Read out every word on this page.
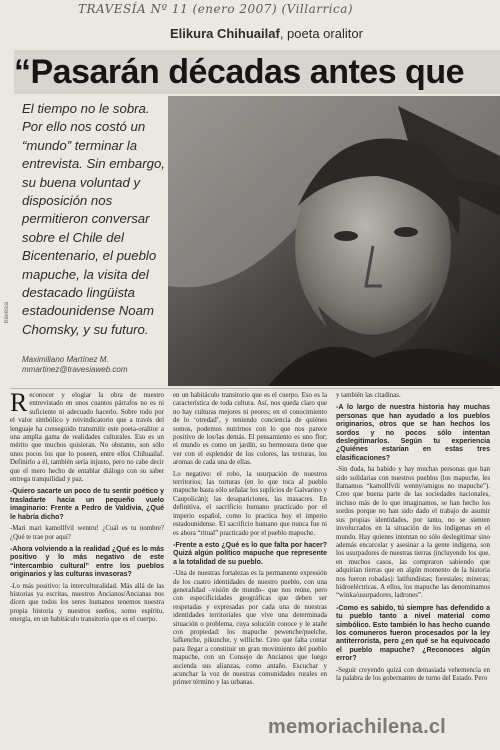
TRAVESÍA Nº 11 (enero 2007) (Villarrica)
Elikura Chihuailaf, poeta oralitor
“Pasarán décadas antes que
El tiempo no le sobra. Por ello nos costó un “mundo” terminar la entrevista. Sin embargo, su buena voluntad y disposición nos permitieron conversar sobre el Chile del Bicentenario, el pueblo mapuche, la visita del destacado lingüista estadounidense Noam Chomsky, y su futuro.
Maximiliano Martínez M.
mmartinez@travesiaweb.com
travesía

Reconocer y elogiar la obra de nuestro entrevistado en unos cuantos párrafos no es ni suficiente ni adecuado hacerlo. Sobre todo por el valor simbólico y reivindicatorio que a través del lenguaje ha conseguido transmitir este poeta-oralitor a una amplia gama de realidades culturales. Eso es un mérito que muchos quisieran. No obstante, son sólo unos pocos los que lo poseen, entre ellos Chihuailaf. Definirlo a él, también sería injusto, pero no cabe decir que el mero hecho de entablar diálogo con su saber entrega tranquilidad y paz.

-Quiero sacarte un poco de tu sentir poético y trasladarte hacia un pequeño vuelo imaginario: Frente a Pedro de Valdivia, ¿Qué le habría dicho?

-Mari mari kamollfvil wentru! ¿Cuál es tu nombre? ¿Qué te trae por aquí?

-Ahora volviendo a la realidad ¿Qué es lo más positivo y lo más negativo de este “intercambio cultural” entre los pueblos originarios y las culturas invasoras?

-Lo más positivo: la interculturalidad. Más allá de las historias ya escritas, nuestros Ancianos/Ancianas nos dicen que todos los seres humanos tenemos nuestra propia historia y nuestros sueños, somo espíritu, energía, en un habitáculo transitorio que es el cuerpo.

en un habitáculo transitorio que es el cuerpo. Eso es la característica de toda cultura. Así, nos queda claro que no hay culturas mejores ni peores; en el conocimiento de lo ‘otredad’, y teniendo conciencia de quiénes somos, podemos nutrirnos con lo que nos parece positivo de los/las demás. El pensamiento es uno flor; el mundo es como un jardín, su hermosura tiene que ver con el esplendor de los colores, las texturas, los aromas de cada una de ellas.

Lo negativo: el robo, la usurpación de nuestros territorios; las torturas (en lo que toca al pueblo mapuche basta sólo señalar los suplicios de Galvarino y Caupolicán); las desapariciones, las masacres. En definitiva, el sacrificio humano practicado por el imperio español, como lo practica hoy el imperio estadounidense. El sacrificio humano que nunca fue ni es ahora “ritual” practicado por el pueblo mapuche.

-Frente a esto ¿Qué es lo que falta por hacer? Quizá algún político mapuche que represente a la totalidad de su pueblo.

-Una de nuestras fortalezas es la permanente expresión de los cuatro identidades de nuestro pueblo, con una generalidad –visión de mundo– que nos reúne, pero con especificidades geográficas que deben ser respetadas y expresadas por cada una de nuestras identidades territoriales que vive una determinada situación o problema, cuya solución conoce y le atañe con propiedad: los mapuche pewenche/puelche, lafkenche, pikunche, y williche. Creo que falta contar para llegar a constituir un gran movimiento del pueblo mapuche, con un Consejo de Ancianos que luego ascienda sus alianzas, como antaño. Escuchar y acunchar la voz de nuestras comunidades rurales en primer término y las urbanas.

y también las citadinas.

-A lo largo de nuestra historia hay muchas personas que han ayudado a los pueblos originarios, otros que se han hechos los sordos y no pocos sólo intentan deslegitimarlos. Según tu experiencia ¿Quiénes estarían en estas tres clasificaciones?

-Sin duda, ha habido y hay muchas personas que han sido solidarias con nuestros pueblos (los mapuche, les llamamos “kamollfvili wenny/amigos no mapuche”). Creo que buena parte de las sociedades nacionales, incluso más de lo que imaginamos, se han hecho los sordos porque no han sido dado el trabajo de asumir sus propias identidades, por tanto, no se sienten involucrados en la situación de los indígenas en el mundo. Hay quienes intentan no sólo deslegitimar sino además encarcelar y asesinar a la gente indígena, son los usurpadores de nuestras tierras (incluyendo los que, en muchos casos, las compraron sabiendo que adquirían tierras que en algún momento de la historia nos fueron robadas): latifundistas; forestales; mineras; hidroeléctricas. A ellos, los mapuche las denominamos “winka/usurpadores, ladrones”.

-Como es sabido, tú siempre has defendido a tu pueblo tanto a nivel material como simbólico. Esto también lo has hecho cuando los comuneros fueron procesados por la ley antiterrorista, pero ¿en qué se ha equivocado el pueblo mapuche? ¿Reconoces algún error?

-Seguir creyendo quizá con demasiada vehemencia en la palabra de los gobernantes de turno del Estado. Pero

memoriachilena.cl
